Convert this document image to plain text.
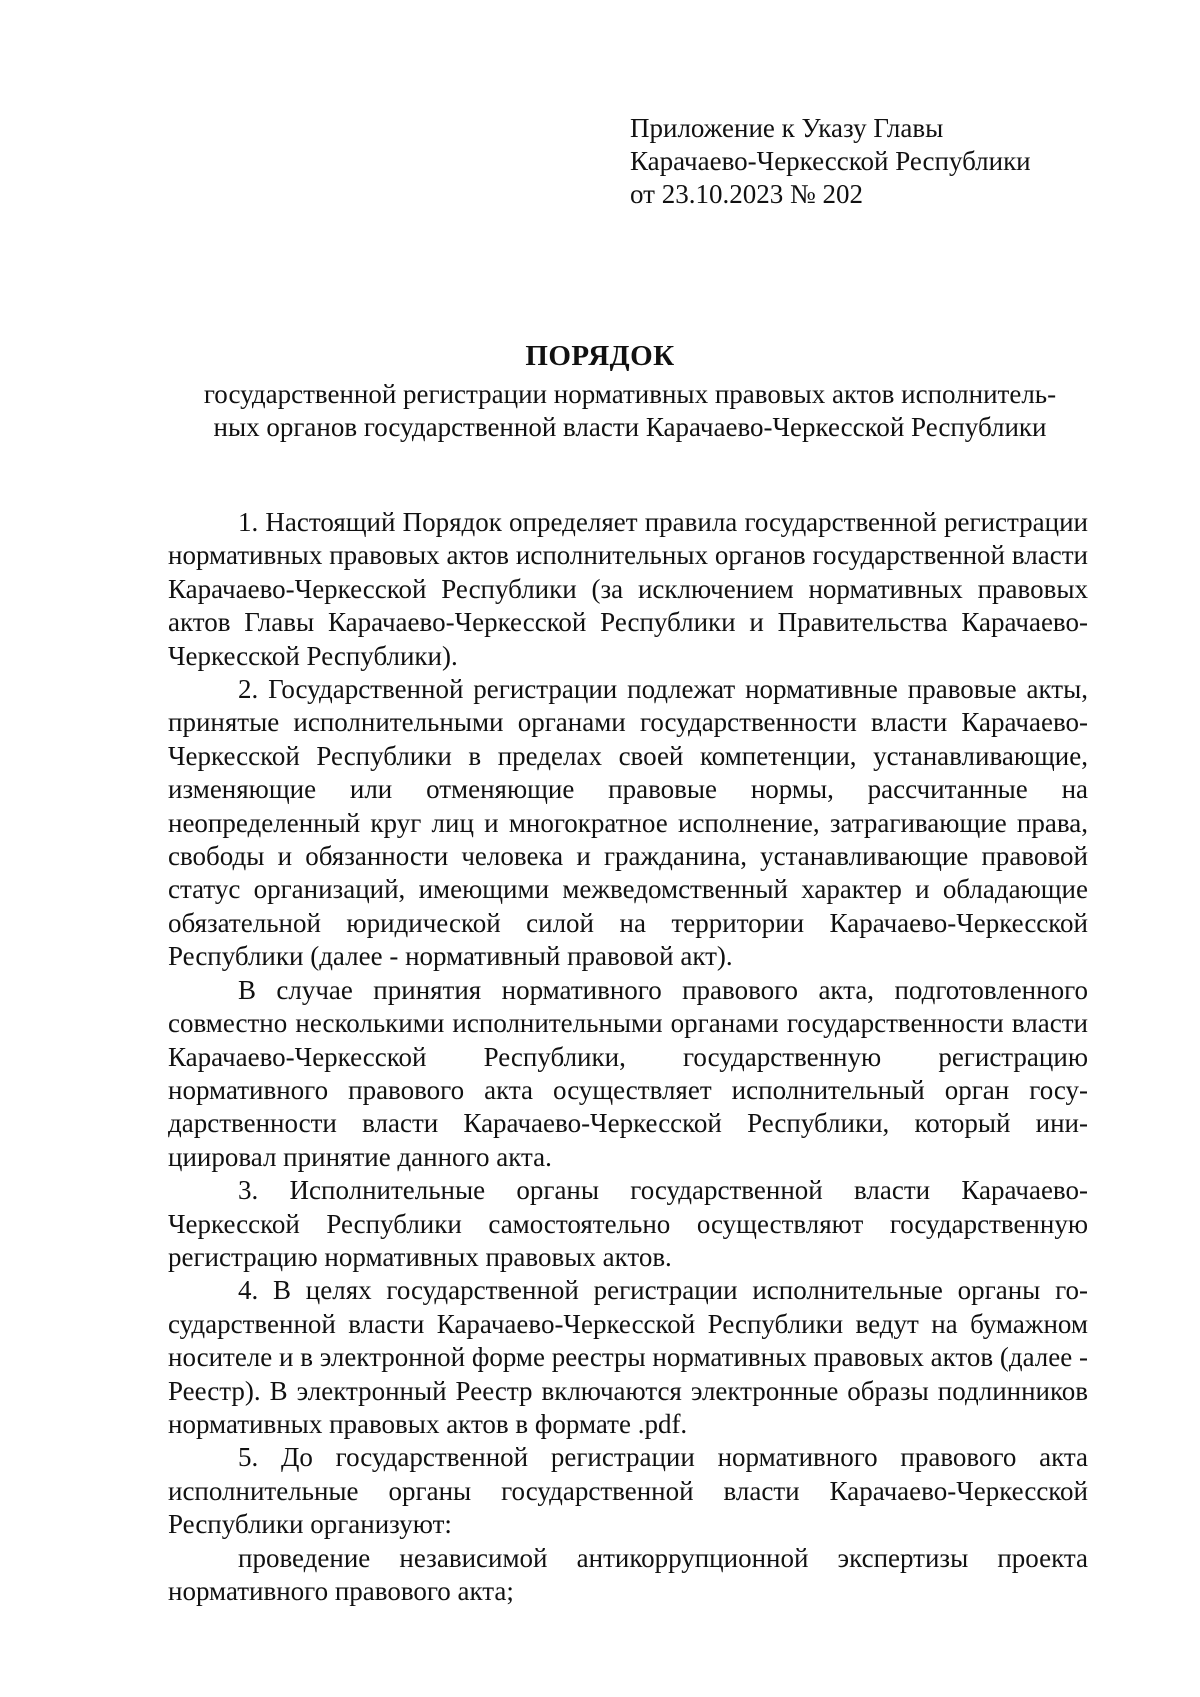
Приложение к Указу Главы
Карачаево-Черкесской Республики
от 23.10.2023 № 202
ПОРЯДОК
государственной регистрации нормативных правовых актов исполнитель-
ных органов государственной власти Карачаево-Черкесской Республики

1. Настоящий Порядок определяет правила государственной регистрации нормативных правовых актов исполнительных органов государственной власти Карачаево-Черкесской Республики (за исключением нормативных правовых актов Главы Карачаево-Черкесской Республики и Правительства Карачаево-Черкесской Республики).

2. Государственной регистрации подлежат нормативные правовые акты, принятые исполнительными органами государственности власти Карачаево-Черкесской Республики в пределах своей компетенции, устанавливающие, изменяющие или отменяющие правовые нормы, рассчитанные на неопределенный круг лиц и многократное исполнение, затрагивающие права, свободы и обязанности человека и гражданина, устанавливающие правовой статус организаций, имеющими межведомственный характер и обладающие обязательной юридической силой на территории Карачаево-Черкесской Республики (далее - нормативный правовой акт).

В случае принятия нормативного правового акта, подготовленного совместно несколькими исполнительными органами государственности власти Карачаево-Черкесской Республики, государственную регистрацию нормативного правового акта осуществляет исполнительный орган государственности власти Карачаево-Черкесской Республики, который инициировал принятие данного акта.

3. Исполнительные органы государственной власти Карачаево-Черкесской Республики самостоятельно осуществляют государственную регистрацию нормативных правовых актов.

4. В целях государственной регистрации исполнительные органы государственной власти Карачаево-Черкесской Республики ведут на бумажном носителе и в электронной форме реестры нормативных правовых актов (далее - Реестр). В электронный Реестр включаются электронные образы подлинников нормативных правовых актов в формате .pdf.

5. До государственной регистрации нормативного правового акта исполнительные органы государственной власти Карачаево-Черкесской Республики организуют:

проведение независимой антикоррупционной экспертизы проекта нормативного правового акта;
